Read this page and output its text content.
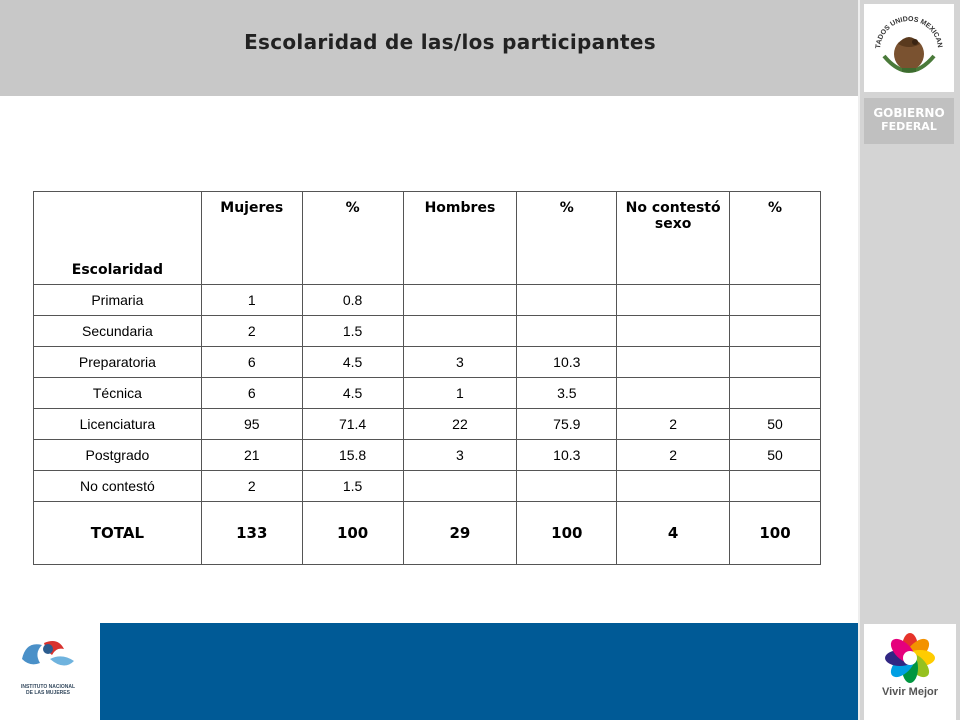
Escolaridad de las/los participantes	TADOS UNIDOS MEXICAN
GOBIERNO
FEDERAL
Vivir Mejor
INSTITUTO NACIONAL
DE LAS MUJERES
Escolaridad	Mujeres	%	Hombres	%	No contestó sexo	%
Primaria	1	0.8				
Secundaria	2	1.5				
Preparatoria	6	4.5	3	10.3		
Técnica	6	4.5	1	3.5		
Licenciatura	95	71.4	22	75.9	2	50
Postgrado	21	15.8	3	10.3	2	50
No contestó	2	1.5				
TOTAL	133	100	29	100	4	100
